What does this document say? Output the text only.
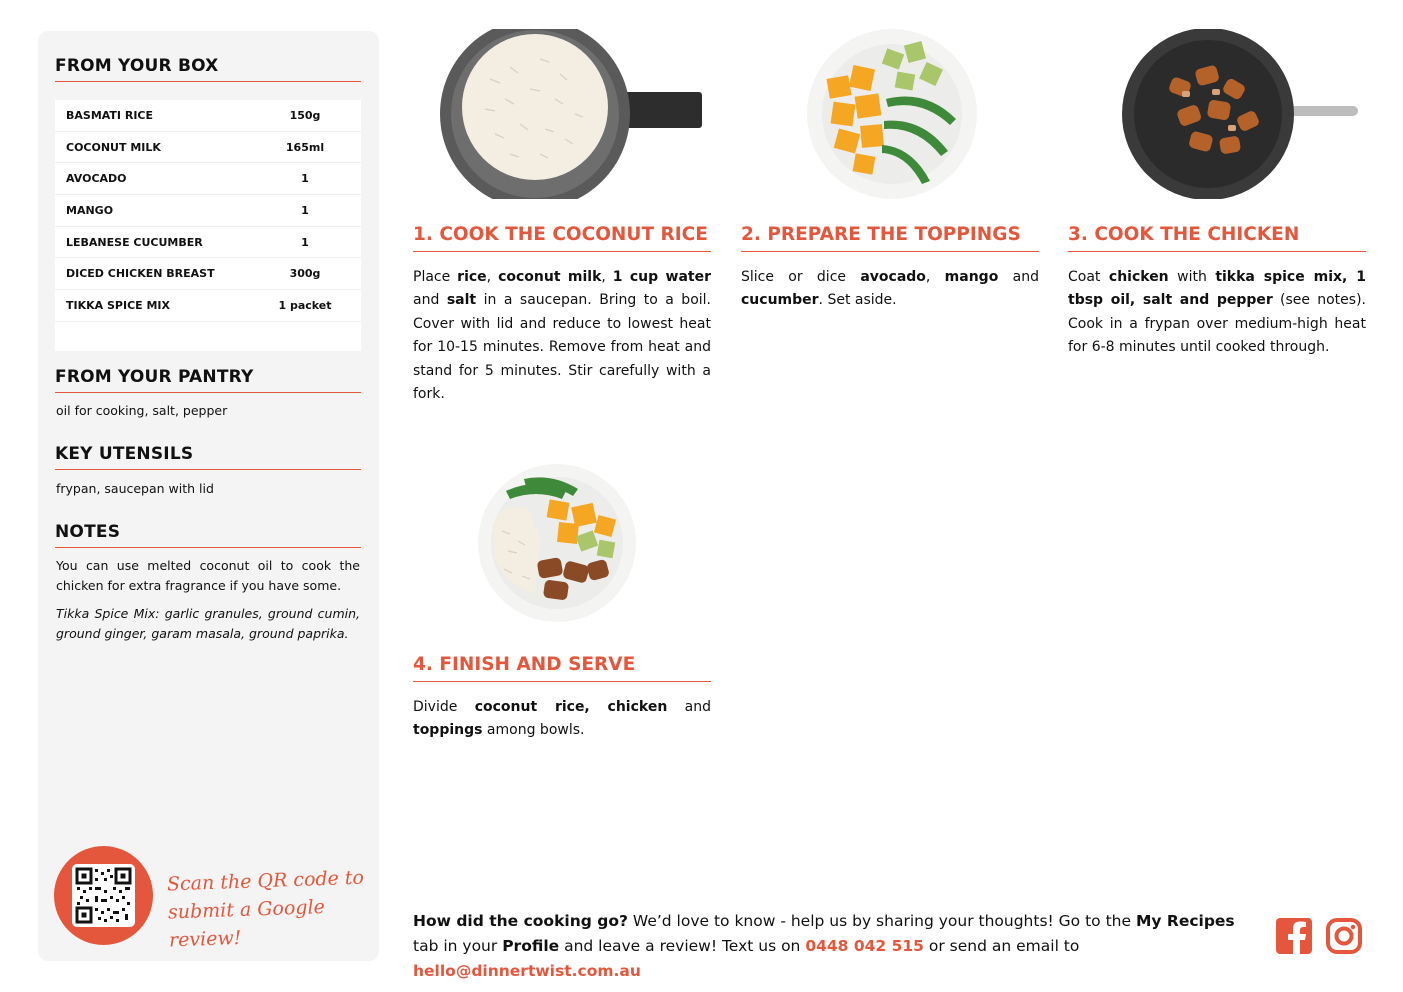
FROM YOUR BOX
BASMATI RICE	150g
COCONUT MILK	165ml
AVOCADO	1
MANGO	1
LEBANESE CUCUMBER	1
DICED CHICKEN BREAST	300g
TIKKA SPICE MIX	1 packet
FROM YOUR PANTRY
oil for cooking, salt, pepper
KEY UTENSILS
frypan, saucepan with lid
NOTES
You can use melted coconut oil to cook the chicken for extra fragrance if you have some.
Tikka Spice Mix: garlic granules, ground cumin, ground ginger, garam masala, ground paprika.
Scan the QR code to
submit a Google review!
1. COOK THE COCONUT RICE
Place rice, coconut milk, 1 cup water and salt in a saucepan. Bring to a boil. Cover with lid and reduce to lowest heat for 10-15 minutes. Remove from heat and stand for 5 minutes. Stir carefully with a fork.
2. PREPARE THE TOPPINGS
Slice or dice avocado, mango and cucumber. Set aside.
3. COOK THE CHICKEN
Coat chicken with tikka spice mix, 1 tbsp oil, salt and pepper (see notes). Cook in a frypan over medium-high heat for 6-8 minutes until cooked through.
4. FINISH AND SERVE
Divide coconut rice, chicken and toppings among bowls.
How did the cooking go? We’d love to know - help us by sharing your thoughts! Go to the My Recipes tab in your Profile and leave a review! Text us on 0448 042 515 or send an email to hello@dinnertwist.com.au
